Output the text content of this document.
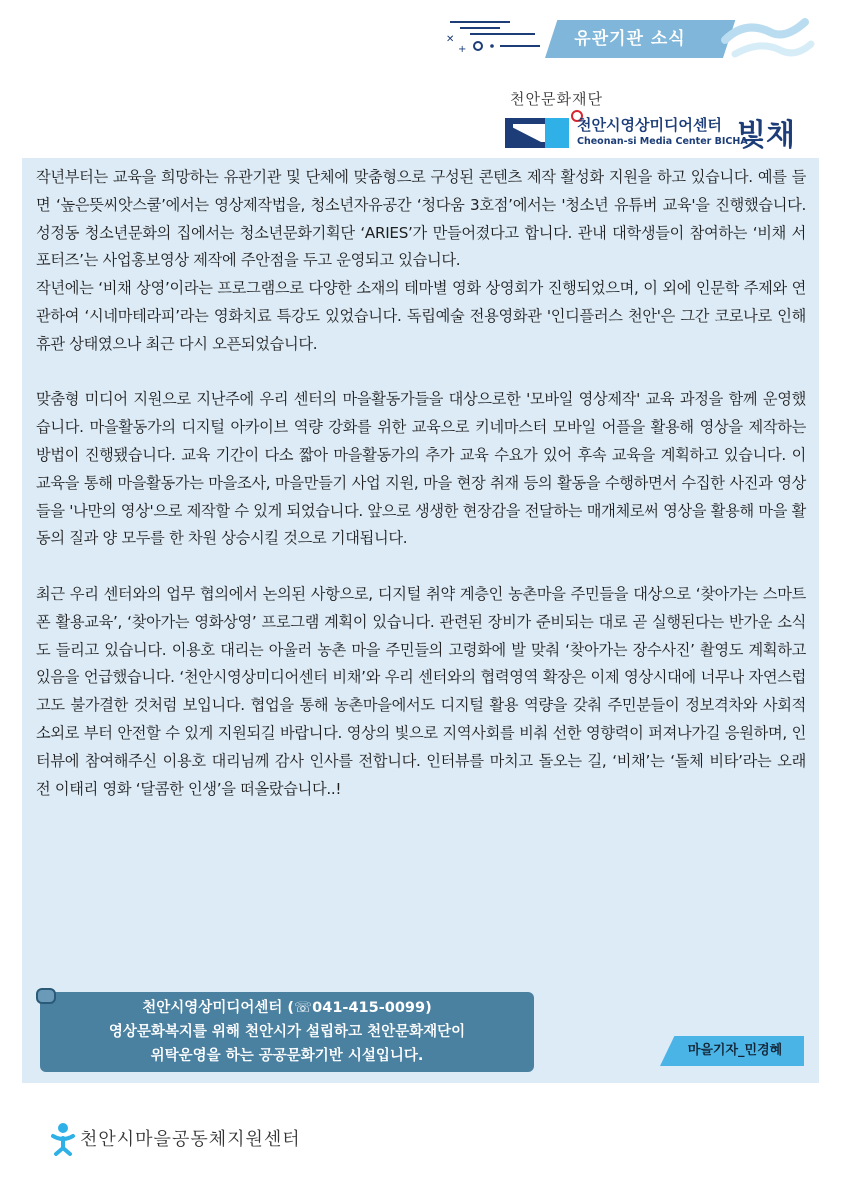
✕
+
유관기관 소식
천안문화재단
천안시영상미디어센터
Cheonan-si Media Center BICHA
빛채

작년부터는 교육을 희망하는 유관기관 및 단체에 맞춤형으로 구성된 콘텐츠 제작 활성화 지원을 하고 있습니다. 예를 들면 ‘높은뜻씨앗스쿨’에서는 영상제작법을, 청소년자유공간 ‘청다움 3호점’에서는 '청소년 유튜버 교육'을 진행했습니다. 성정동 청소년문화의 집에서는 청소년문화기획단 ‘ARIES’가 만들어졌다고 합니다. 관내 대학생들이 참여하는 ‘비채 서포터즈’는 사업홍보영상 제작에 주안점을 두고 운영되고 있습니다.

작년에는 ‘비채 상영’이라는 프로그램으로 다양한 소재의 테마별 영화 상영회가 진행되었으며, 이 외에 인문학 주제와 연관하여 ‘시네마테라피’라는 영화치료 특강도 있었습니다. 독립예술 전용영화관 '인디플러스 천안'은 그간 코로나로 인해 휴관 상태였으나 최근 다시 오픈되었습니다.

맞춤형 미디어 지원으로 지난주에 우리 센터의 마을활동가들을 대상으로한 '모바일 영상제작' 교육 과정을 함께 운영했습니다. 마을활동가의 디지털 아카이브 역량 강화를 위한 교육으로 키네마스터 모바일 어플을 활용해 영상을 제작하는 방법이 진행됐습니다. 교육 기간이 다소 짧아 마을활동가의 추가 교육 수요가 있어 후속 교육을 계획하고 있습니다. 이 교육을 통해 마을활동가는 마을조사, 마을만들기 사업 지원, 마을 현장 취재 등의 활동을 수행하면서 수집한 사진과 영상들을 '나만의 영상'으로 제작할 수 있게 되었습니다. 앞으로 생생한 현장감을 전달하는 매개체로써 영상을 활용해 마을 활동의 질과 양 모두를 한 차원 상승시킬 것으로 기대됩니다.

최근 우리 센터와의 업무 협의에서 논의된 사항으로, 디지털 취약 계층인 농촌마을 주민들을 대상으로 ‘찾아가는 스마트폰 활용교육’, ‘찾아가는 영화상영’ 프로그램 계획이 있습니다. 관련된 장비가 준비되는 대로 곧 실행된다는 반가운 소식도 들리고 있습니다. 이용호 대리는 아울러 농촌 마을 주민들의 고령화에 발 맞춰 ‘찾아가는 장수사진’ 촬영도 계획하고 있음을 언급했습니다. ‘천안시영상미디어센터 비채’와 우리 센터와의 협력영역 확장은 이제 영상시대에 너무나 자연스럽고도 불가결한 것처럼 보입니다. 협업을 통해 농촌마을에서도 디지털 활용 역량을 갖춰 주민분들이 정보격차와 사회적 소외로 부터 안전할 수 있게 지원되길 바랍니다. 영상의 빛으로 지역사회를 비춰 선한 영향력이 퍼져나가길 응원하며, 인터뷰에 참여해주신 이용호 대리님께 감사 인사를 전합니다. 인터뷰를 마치고 돌오는 길, ‘비채’는 ‘돌체 비타’라는 오래 전 이태리 영화 ‘달콤한 인생’을 떠올랐습니다..!

천안시영상미디어센터 (☏041-415-0099)
영상문화복지를 위해 천안시가 설립하고 천안문화재단이
위탁운영을 하는 공공문화기반 시설입니다.	마을기자_민경혜
천안시마을공동체지원센터
